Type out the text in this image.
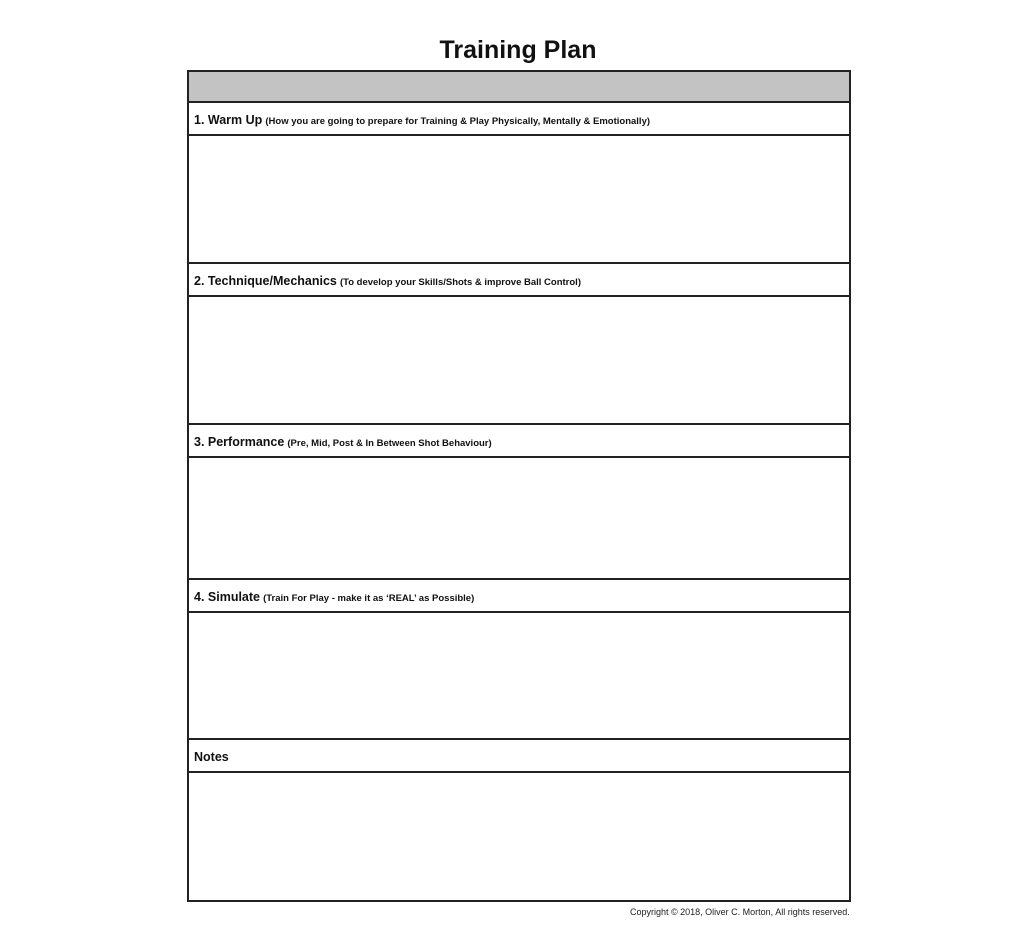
Training Plan
1. Warm Up (How you are going to prepare for Training & Play Physically, Mentally & Emotionally)
2. Technique/Mechanics (To develop your Skills/Shots & improve Ball Control)
3. Performance (Pre, Mid, Post & In Between Shot Behaviour)
4. Simulate (Train For Play - make it as ‘REAL’ as Possible)
Notes
Copyright © 2018, Oliver C. Morton, All rights reserved.
